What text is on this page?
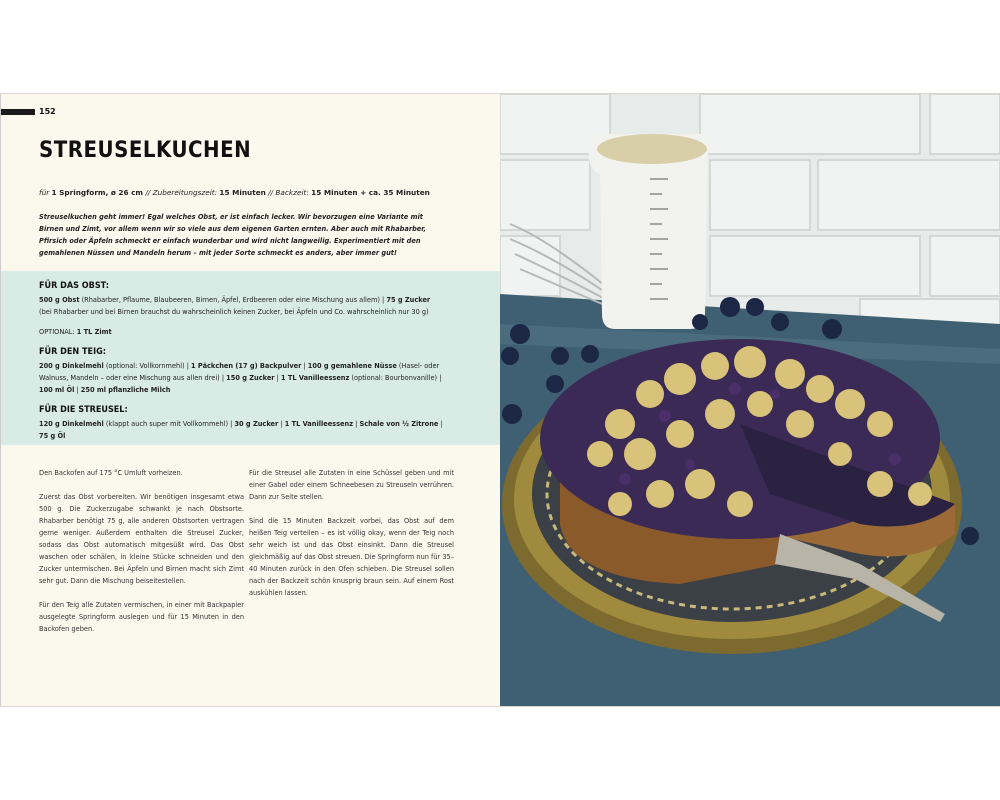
152
STREUSELKUCHEN
für 1 Springform, ø 26 cm // Zubereitungszeit: 15 Minuten // Backzeit: 15 Minuten + ca. 35 Minuten
Streuselkuchen geht immer! Egal welches Obst, er ist einfach lecker. Wir bevorzugen eine Variante mit Birnen und Zimt, vor allem wenn wir so viele aus dem eigenen Garten ernten. Aber auch mit Rhabarber, Pfirsich oder Äpfeln schmeckt er einfach wunderbar und wird nicht langweilig. Experimentiert mit den gemahlenen Nüssen und Mandeln herum – mit jeder Sorte schmeckt es anders, aber immer gut!
FÜR DAS OBST:
500 g Obst (Rhabarber, Pflaume, Blaubeeren, Birnen, Äpfel, Erdbeeren oder eine Mischung aus allem) | 75 g Zucker
(bei Rhabarber und bei Birnen brauchst du wahrscheinlich keinen Zucker, bei Äpfeln und Co. wahrscheinlich nur 30 g)
OPTIONAL: 1 TL Zimt
FÜR DEN TEIG:
200 g Dinkelmehl (optional: Vollkornmehl) | 1 Päckchen (17 g) Backpulver | 100 g gemahlene Nüsse (Hasel- oder
Walnuss, Mandeln – oder eine Mischung aus allen drei) | 150 g Zucker | 1 TL Vanilleessenz (optional: Bourbonvanille) |
100 ml Öl | 250 ml pflanzliche Milch
FÜR DIE STREUSEL:
120 g Dinkelmehl (klappt auch super mit Vollkornmehl) | 30 g Zucker | 1 TL Vanilleessenz | Schale von ½ Zitrone |
75 g Öl

Den Backofen auf 175 °C Umluft vorheizen.

Zuerst das Obst vorbereiten. Wir benötigen insgesamt etwa 500 g. Die Zuckerzugabe schwankt je nach Obstsorte. Rhabarber benötigt 75 g, alle anderen Obstsorten vertragen gerne weniger. Außerdem enthalten die Streusel Zucker, sodass das Obst automatisch mitgesüßt wird. Das Obst waschen oder schälen, in kleine Stücke schneiden und den Zucker untermischen. Bei Äpfeln und Birnen macht sich Zimt sehr gut. Dann die Mischung beiseitestellen.

Für den Teig alle Zutaten vermischen, in einer mit Backpapier ausgelegte Springform auslegen und für 15 Minuten in den Backofen geben.

Für die Streusel alle Zutaten in eine Schüssel geben und mit einer Gabel oder einem Schneebesen zu Streuseln verrühren. Dann zur Seite stellen.

Sind die 15 Minuten Backzeit vorbei, das Obst auf dem heißen Teig verteilen – es ist völlig okay, wenn der Teig noch sehr weich ist und das Obst einsinkt. Dann die Streusel gleichmäßig auf das Obst streuen. Die Springform nun für 35–40 Minuten zurück in den Ofen schieben. Die Streusel sollen nach der Backzeit schön knusprig braun sein. Auf einem Rost auskühlen lassen.
